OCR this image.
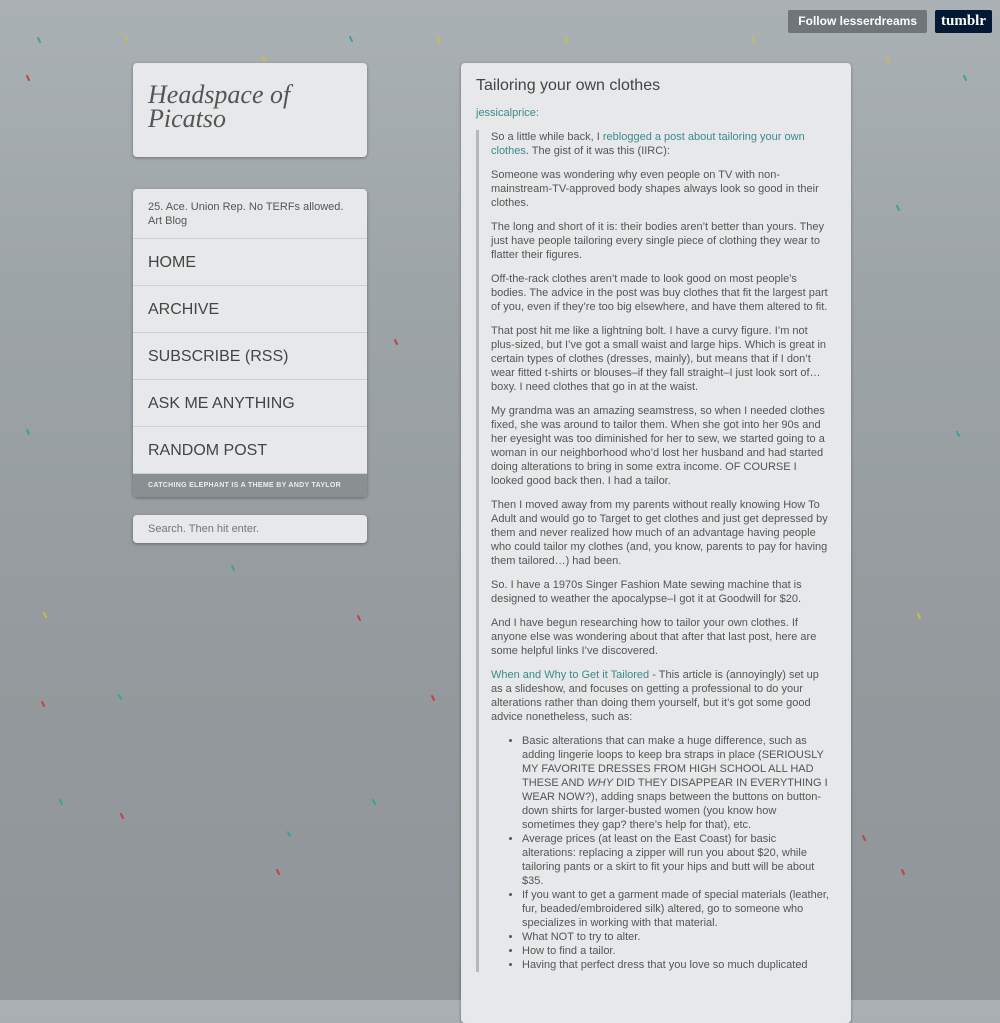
Follow lesserdreams	tumblr
Headspace of Picatso
25. Ace. Union Rep. No TERFs allowed. Art Blog
HOME
ARCHIVE
SUBSCRIBE (RSS)
ASK ME ANYTHING
RANDOM POST
CATCHING ELEPHANT IS A THEME BY ANDY TAYLOR
Search. Then hit enter.
Tailoring your own clothes
jessicalprice:

So a little while back, I reblogged a post about tailoring your own clothes. The gist of it was this (IIRC):

Someone was wondering why even people on TV with non-mainstream-TV-approved body shapes always look so good in their clothes.

The long and short of it is: their bodies aren’t better than yours. They just have people tailoring every single piece of clothing they wear to flatter their figures.

Off-the-rack clothes aren’t made to look good on most people’s bodies. The advice in the post was buy clothes that fit the largest part of you, even if they’re too big elsewhere, and have them altered to fit.

That post hit me like a lightning bolt. I have a curvy figure. I’m not plus-sized, but I’ve got a small waist and large hips. Which is great in certain types of clothes (dresses, mainly), but means that if I don’t wear fitted t-shirts or blouses–if they fall straight–I just look sort of… boxy. I need clothes that go in at the waist.

My grandma was an amazing seamstress, so when I needed clothes fixed, she was around to tailor them. When she got into her 90s and her eyesight was too diminished for her to sew, we started going to a woman in our neighborhood who’d lost her husband and had started doing alterations to bring in some extra income. OF COURSE I looked good back then. I had a tailor.

Then I moved away from my parents without really knowing How To Adult and would go to Target to get clothes and just get depressed by them and never realized how much of an advantage having people who could tailor my clothes (and, you know, parents to pay for having them tailored…) had been.

So. I have a 1970s Singer Fashion Mate sewing machine that is designed to weather the apocalypse–I got it at Goodwill for $20.

And I have begun researching how to tailor your own clothes. If anyone else was wondering about that after that last post, here are some helpful links I’ve discovered.

When and Why to Get it Tailored - This article is (annoyingly) set up as a slideshow, and focuses on getting a professional to do your alterations rather than doing them yourself, but it’s got some good advice nonetheless, such as:

• Basic alterations that can make a huge difference, such as adding lingerie loops to keep bra straps in place (SERIOUSLY MY FAVORITE DRESSES FROM HIGH SCHOOL ALL HAD THESE AND WHY DID THEY DISAPPEAR IN EVERYTHING I WEAR NOW?), adding snaps between the buttons on button-down shirts for larger-busted women (you know how sometimes they gap? there’s help for that), etc.
• Average prices (at least on the East Coast) for basic alterations: replacing a zipper will run you about $20, while tailoring pants or a skirt to fit your hips and butt will be about $35.
• If you want to get a garment made of special materials (leather, fur, beaded/embroidered silk) altered, go to someone who specializes in working with that material.
• What NOT to try to alter.
• How to find a tailor.
• Having that perfect dress that you love so much duplicated
